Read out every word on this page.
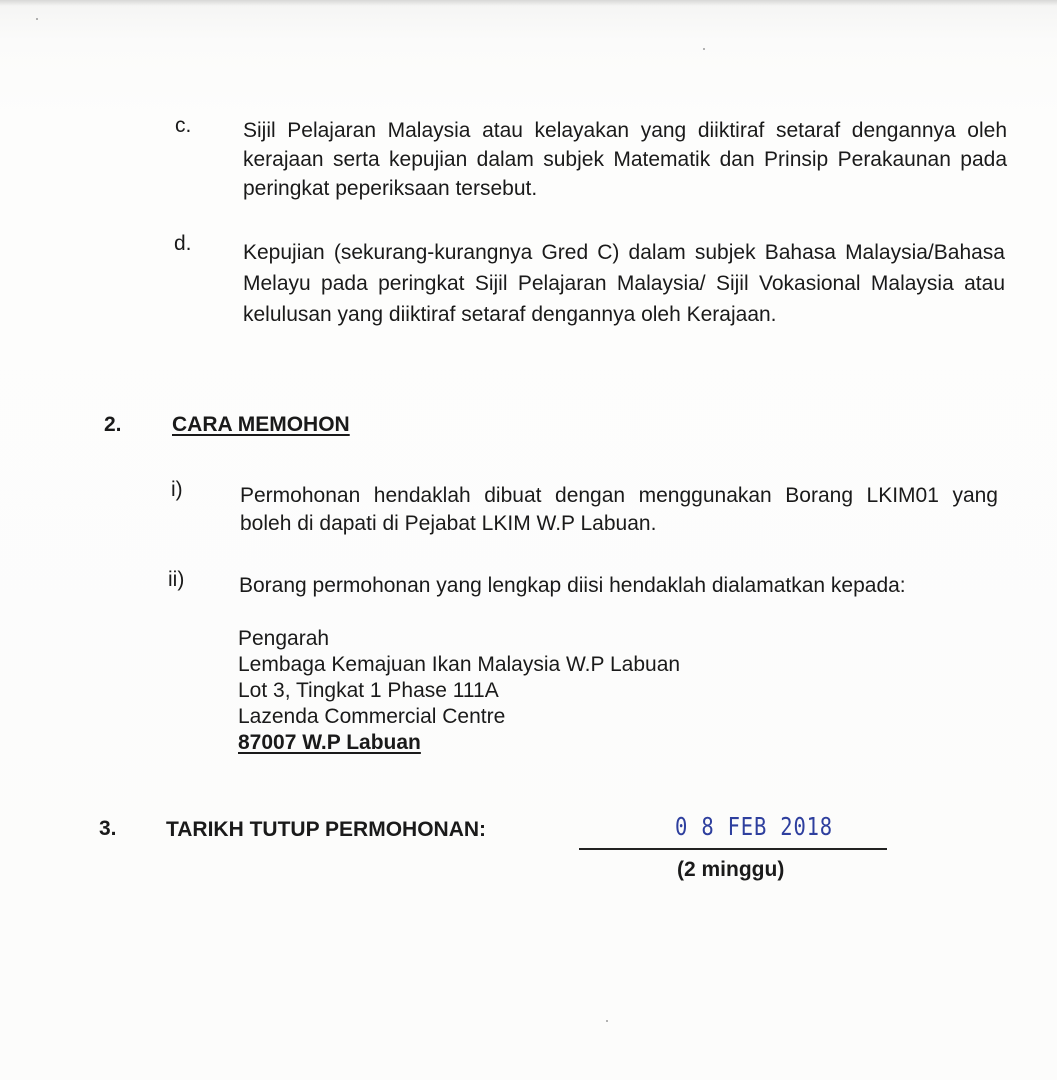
c. Sijil Pelajaran Malaysia atau kelayakan yang diiktiraf setaraf dengannya oleh kerajaan serta kepujian dalam subjek Matematik dan Prinsip Perakaunan pada peringkat peperiksaan tersebut.
d. Kepujian (sekurang-kurangnya Gred C) dalam subjek Bahasa Malaysia/Bahasa Melayu pada peringkat Sijil Pelajaran Malaysia/ Sijil Vokasional Malaysia atau kelulusan yang diiktiraf setaraf dengannya oleh Kerajaan.
2. CARA MEMOHON
i)	Permohonan hendaklah dibuat dengan menggunakan Borang LKIM01 yang boleh di dapati di Pejabat LKIM W.P Labuan.
ii)	Borang permohonan yang lengkap diisi hendaklah dialamatkan kepada:
Pengarah
Lembaga Kemajuan Ikan Malaysia W.P Labuan
Lot 3, Tingkat 1 Phase 111A
Lazenda Commercial Centre
87007 W.P Labuan
3. TARIKH TUTUP PERMOHONAN:	0 8 FEB 2018
(2 minggu)
